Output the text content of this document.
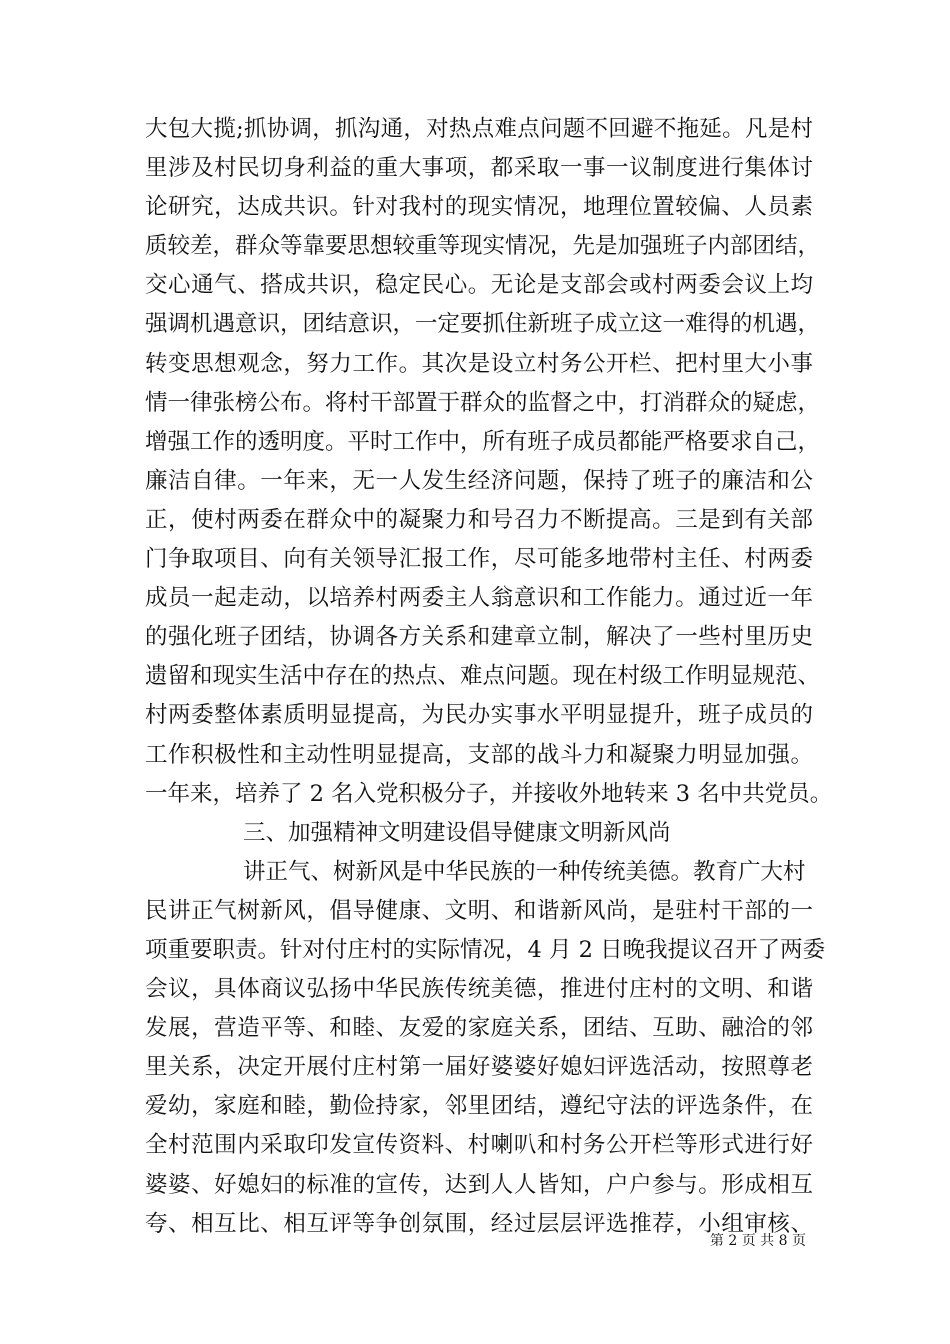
大包大揽;抓协调，抓沟通，对热点难点问题不回避不拖延。凡是村
里涉及村民切身利益的重大事项，都采取一事一议制度进行集体讨
论研究，达成共识。针对我村的现实情况，地理位置较偏、人员素
质较差，群众等靠要思想较重等现实情况，先是加强班子内部团结，
交心通气、搭成共识，稳定民心。无论是支部会或村两委会议上均
强调机遇意识，团结意识，一定要抓住新班子成立这一难得的机遇，
转变思想观念，努力工作。其次是设立村务公开栏、把村里大小事
情一律张榜公布。将村干部置于群众的监督之中，打消群众的疑虑，
增强工作的透明度。平时工作中，所有班子成员都能严格要求自己，
廉洁自律。一年来，无一人发生经济问题，保持了班子的廉洁和公
正，使村两委在群众中的凝聚力和号召力不断提高。三是到有关部
门争取项目、向有关领导汇报工作，尽可能多地带村主任、村两委
成员一起走动，以培养村两委主人翁意识和工作能力。通过近一年
的强化班子团结，协调各方关系和建章立制，解决了一些村里历史
遗留和现实生活中存在的热点、难点问题。现在村级工作明显规范、
村两委整体素质明显提高，为民办实事水平明显提升，班子成员的
工作积极性和主动性明显提高，支部的战斗力和凝聚力明显加强。
一年来，培养了 2 名入党积极分子，并接收外地转来 3 名中共党员。
三、加强精神文明建设倡导健康文明新风尚
讲正气、树新风是中华民族的一种传统美德。教育广大村
民讲正气树新风，倡导健康、文明、和谐新风尚，是驻村干部的一
项重要职责。针对付庄村的实际情况，4 月 2 日晚我提议召开了两委
会议，具体商议弘扬中华民族传统美德，推进付庄村的文明、和谐
发展，营造平等、和睦、友爱的家庭关系，团结、互助、融洽的邻
里关系，决定开展付庄村第一届好婆婆好媳妇评选活动，按照尊老
爱幼，家庭和睦，勤俭持家，邻里团结，遵纪守法的评选条件，在
全村范围内采取印发宣传资料、村喇叭和村务公开栏等形式进行好
婆婆、好媳妇的标准的宣传，达到人人皆知，户户参与。形成相互
夸、相互比、相互评等争创氛围，经过层层评选推荐，小组审核、
第 2 页 共 8 页
